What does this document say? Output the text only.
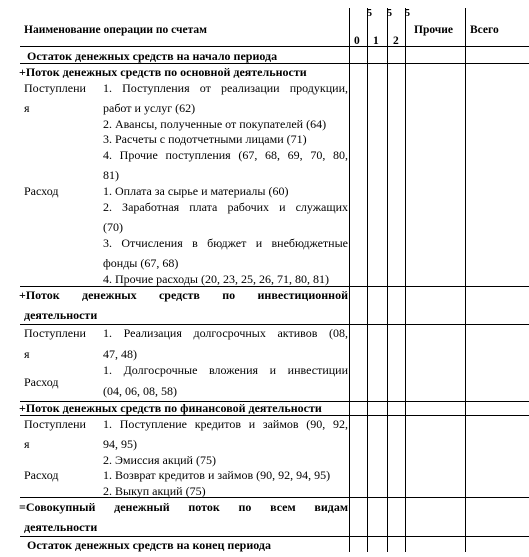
Наименование операции по счетам
5
0
5
1
5
2
Прочие Всего
Остаток денежных средств на начало периода
+Поток денежных средств по основной деятельности
Поступлени
я
1. Поступления от реализации продукции,
работ и услуг (62)
2. Авансы, полученные от покупателей (64)
3. Расчеты с подотчетными лицами (71)
4. Прочие поступления (67, 68, 69, 70, 80,
81)
Расход	1. Оплата за сырье и материалы (60)
2. Заработная плата рабочих и служащих
(70)
3. Отчисления в бюджет и внебюджетные
фонды (67, 68)
4. Прочие расходы (20, 23, 25, 26, 71, 80, 81)
+Поток денежных средств по инвестиционной
деятельности
Поступлени
я
1. Реализация долгосрочных активов (08,
47, 48)
Расход
1. Долгосрочные вложения и инвестиции
(04, 06, 08, 58)
+Поток денежных средств по финансовой деятельности
Поступлени
я
1. Поступление кредитов и займов (90, 92,
94, 95)
2. Эмиссия акций (75)
Расход	1. Возврат кредитов и займов (90, 92, 94, 95)
2. Выкуп акций (75)
=Совокупный денежный поток по всем видам
деятельности
Остаток денежных средств на конец периода
